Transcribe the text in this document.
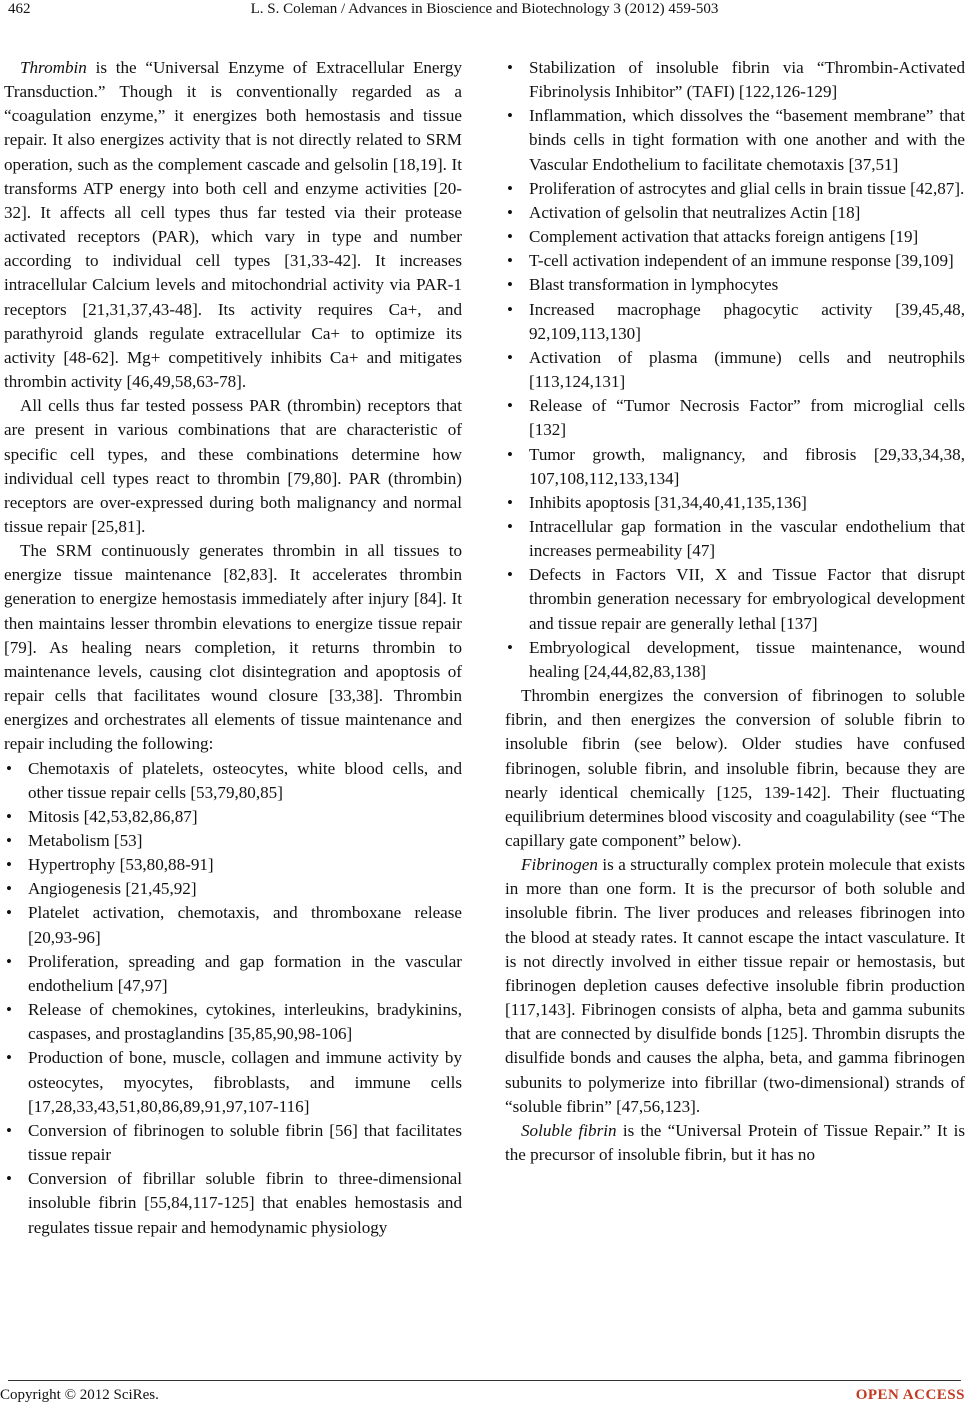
462	L. S. Coleman / Advances in Bioscience and Biotechnology 3 (2012) 459-503

Thrombin is the “Universal Enzyme of Extracellular Energy Transduction.” Though it is conventionally regarded as a “coagulation enzyme,” it energizes both hemostasis and tissue repair. It also energizes activity that is not directly related to SRM operation, such as the complement cascade and gelsolin [18,19]. It transforms ATP energy into both cell and enzyme activities [20-32]. It affects all cell types thus far tested via their protease activated receptors (PAR), which vary in type and number according to individual cell types [31,33-42]. It increases intracellular Calcium levels and mitochondrial activity via PAR-1 receptors [21,31,37,43-48]. Its activity requires Ca+, and parathyroid glands regulate extracellular Ca+ to optimize its activity [48-62]. Mg+ competitively inhibits Ca+ and mitigates thrombin activity [46,49,58,63-78].

All cells thus far tested possess PAR (thrombin) receptors that are present in various combinations that are characteristic of specific cell types, and these combinations determine how individual cell types react to thrombin [79,80]. PAR (thrombin) receptors are over-expressed during both malignancy and normal tissue repair [25,81].

The SRM continuously generates thrombin in all tissues to energize tissue maintenance [82,83]. It accelerates thrombin generation to energize hemostasis immediately after injury [84]. It then maintains lesser thrombin elevations to energize tissue repair [79]. As healing nears completion, it returns thrombin to maintenance levels, causing clot disintegration and apoptosis of repair cells that facilitates wound closure [33,38]. Thrombin energizes and orchestrates all elements of tissue maintenance and repair including the following:

• Chemotaxis of platelets, osteocytes, white blood cells, and other tissue repair cells [53,79,80,85]
• Mitosis [42,53,82,86,87]
• Metabolism [53]
• Hypertrophy [53,80,88-91]
• Angiogenesis [21,45,92]
• Platelet activation, chemotaxis, and thromboxane release [20,93-96]
• Proliferation, spreading and gap formation in the vascular endothelium [47,97]
• Release of chemokines, cytokines, interleukins, bradykinins, caspases, and prostaglandins [35,85,90,98-106]
• Production of bone, muscle, collagen and immune activity by osteocytes, myocytes, fibroblasts, and immune cells [17,28,33,43,51,80,86,89,91,97,107-116]
• Conversion of fibrinogen to soluble fibrin [56] that facilitates tissue repair
• Conversion of fibrillar soluble fibrin to three-dimensional insoluble fibrin [55,84,117-125] that enables hemostasis and regulates tissue repair and hemodynamic physiology
• Stabilization of insoluble fibrin via “Thrombin-Activated Fibrinolysis Inhibitor” (TAFI) [122,126-129]
• Inflammation, which dissolves the “basement membrane” that binds cells in tight formation with one another and with the Vascular Endothelium to facilitate chemotaxis [37,51]
• Proliferation of astrocytes and glial cells in brain tissue [42,87].
• Activation of gelsolin that neutralizes Actin [18]
• Complement activation that attacks foreign antigens [19]
• T-cell activation independent of an immune response [39,109]
• Blast transformation in lymphocytes
• Increased macrophage phagocytic activity [39,45,48, 92,109,113,130]
• Activation of plasma (immune) cells and neutrophils [113,124,131]
• Release of “Tumor Necrosis Factor” from microglial cells [132]
• Tumor growth, malignancy, and fibrosis [29,33,34,38, 107,108,112,133,134]
• Inhibits apoptosis [31,34,40,41,135,136]
• Intracellular gap formation in the vascular endothelium that increases permeability [47]
• Defects in Factors VII, X and Tissue Factor that disrupt thrombin generation necessary for embryological development and tissue repair are generally lethal [137]
• Embryological development, tissue maintenance, wound healing [24,44,82,83,138]

Thrombin energizes the conversion of fibrinogen to soluble fibrin, and then energizes the conversion of soluble fibrin to insoluble fibrin (see below). Older studies have confused fibrinogen, soluble fibrin, and insoluble fibrin, because they are nearly identical chemically [125, 139-142]. Their fluctuating equilibrium determines blood viscosity and coagulability (see “The capillary gate component” below).

Fibrinogen is a structurally complex protein molecule that exists in more than one form. It is the precursor of both soluble and insoluble fibrin. The liver produces and releases fibrinogen into the blood at steady rates. It cannot escape the intact vasculature. It is not directly involved in either tissue repair or hemostasis, but fibrinogen depletion causes defective insoluble fibrin production [117,143]. Fibrinogen consists of alpha, beta and gamma subunits that are connected by disulfide bonds [125]. Thrombin disrupts the disulfide bonds and causes the alpha, beta, and gamma fibrinogen subunits to polymerize into fibrillar (two-dimensional) strands of “soluble fibrin” [47,56,123].

Soluble fibrin is the “Universal Protein of Tissue Repair.” It is the precursor of insoluble fibrin, but it has no

Copyright © 2012 SciRes.	OPEN ACCESS
